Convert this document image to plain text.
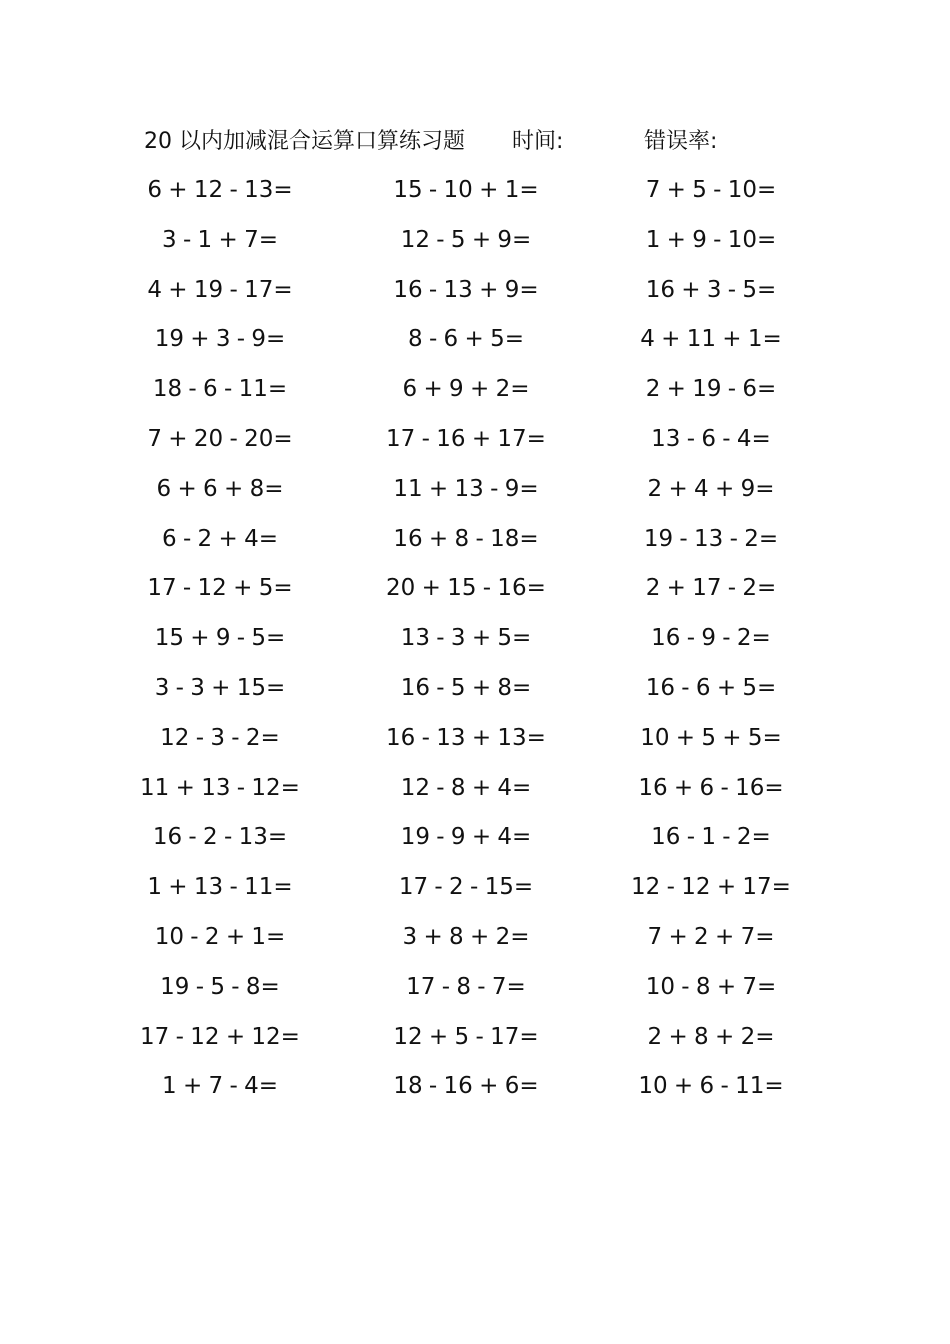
20 以内加减混合运算口算练习题 时间:	错误率:
6 + 12 - 13=	15 - 10 + 1=	7 + 5 - 10=
3 - 1 + 7=	12 - 5 + 9=	1 + 9 - 10=
4 + 19 - 17=	16 - 13 + 9=	16 + 3 - 5=
19 + 3 - 9=	8 - 6 + 5=	4 + 11 + 1=
18 - 6 - 11=	6 + 9 + 2=	2 + 19 - 6=
7 + 20 - 20=	17 - 16 + 17=	13 - 6 - 4=
6 + 6 + 8=	11 + 13 - 9=	2 + 4 + 9=
6 - 2 + 4=	16 + 8 - 18=	19 - 13 - 2=
17 - 12 + 5=	20 + 15 - 16=	2 + 17 - 2=
15 + 9 - 5=	13 - 3 + 5=	16 - 9 - 2=
3 - 3 + 15=	16 - 5 + 8=	16 - 6 + 5=
12 - 3 - 2=	16 - 13 + 13=	10 + 5 + 5=
11 + 13 - 12=	12 - 8 + 4=	16 + 6 - 16=
16 - 2 - 13=	19 - 9 + 4=	16 - 1 - 2=
1 + 13 - 11=	17 - 2 - 15=	12 - 12 + 17=
10 - 2 + 1=	3 + 8 + 2=	7 + 2 + 7=
19 - 5 - 8=	17 - 8 - 7=	10 - 8 + 7=
17 - 12 + 12=	12 + 5 - 17=	2 + 8 + 2=
1 + 7 - 4=	18 - 16 + 6=	10 + 6 - 11=
